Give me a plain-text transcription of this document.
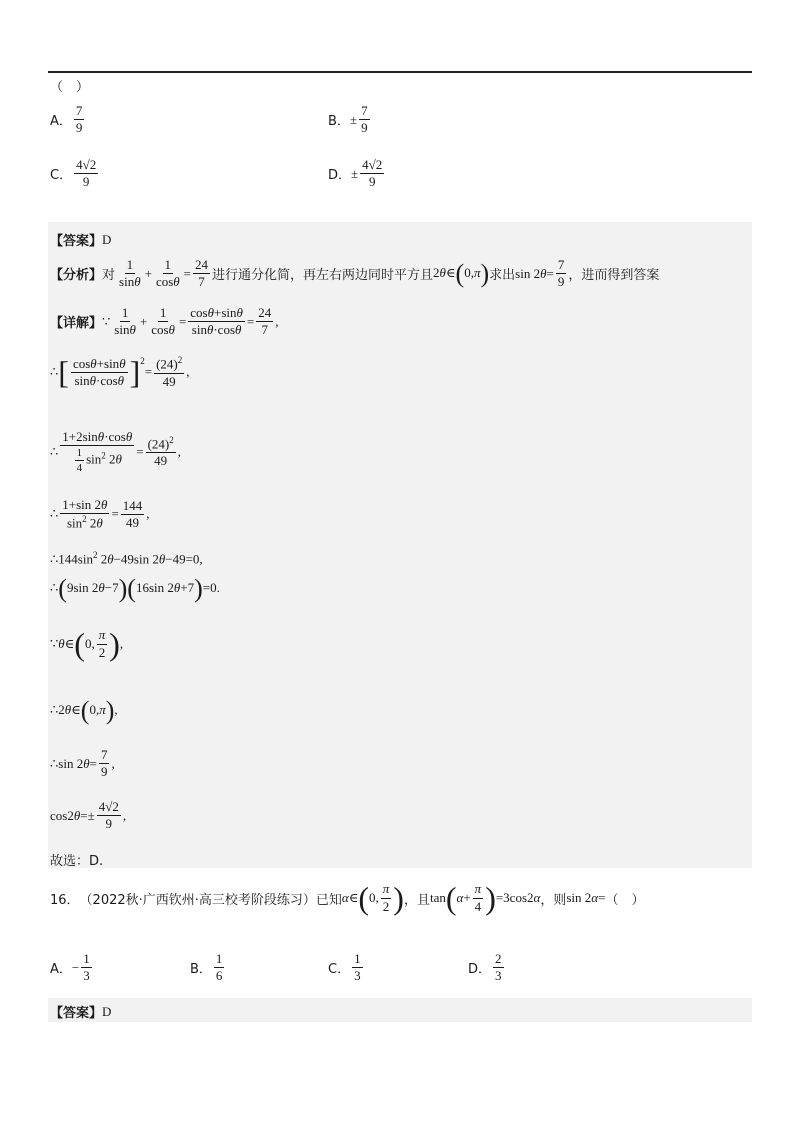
（　）
A． $\frac{7}{9}$	B． ± $\frac{7}{9}$
C． $\frac{4√2}{9}$	D． ± $\frac{4√2}{9}$
【答案】 D
【分析】 对 $\frac{1}{\sin\theta} + \frac{1}{\cos\theta} = \frac{24}{7}$ 进行通分化简，再左右两边同时平方且 2θ∈(0,π) 求出 $\sin 2\theta= \frac{7}{9}$ ，进而得到答案
【详解】 ∵ $\frac{1}{\sin\theta} + \frac{1}{\cos\theta} = \frac{\cos\theta+\sin\theta}{\sin\theta\cdot\cos\theta} = \frac{24}{7}$ ,
∴ [ $\frac{\cos\theta+\sin\theta}{\sin\theta\cdot\cos\theta} ]^2$
= $\frac{(24)^2}{49}$ ,
∴ $\frac{1+2\sin\theta\cdot\cos\theta}{\frac{1}{4} \sin^2 2\theta} = \frac{(24)^2}{49}$ ,
∴ $\frac{1+\sin 2\theta}{\sin^2 2\theta} = \frac{144}{49}$ ,
$\therefore 144\sin^2$ 2θ−49sin 2θ−49=0,
∴(9sin 2θ−7)(16sin 2θ+7)=0.
∵θ∈ ( 0, $\frac{\pi}{2}$ ) ,
∴2θ∈(0,π),
∴sin $2\theta= \frac{7}{9}$ ,
$\cos 2\theta=\pm \frac{4√2}{9}$ ,
故选：D.
16． （2022秋·广西钦州·高三校考阶段练习）已知 α ∈ ( 0, $\frac{\pi}{2}$ ) ，且 tan ( $\alpha + \frac{\pi}{4}$ ) =3cos2α ，则 sin 2α= （　）
A． − $\frac{1}{3}$	B． $\frac{1}{6}$	C． $\frac{1}{3}$	D． $\frac{2}{3}$
【答案】 D
